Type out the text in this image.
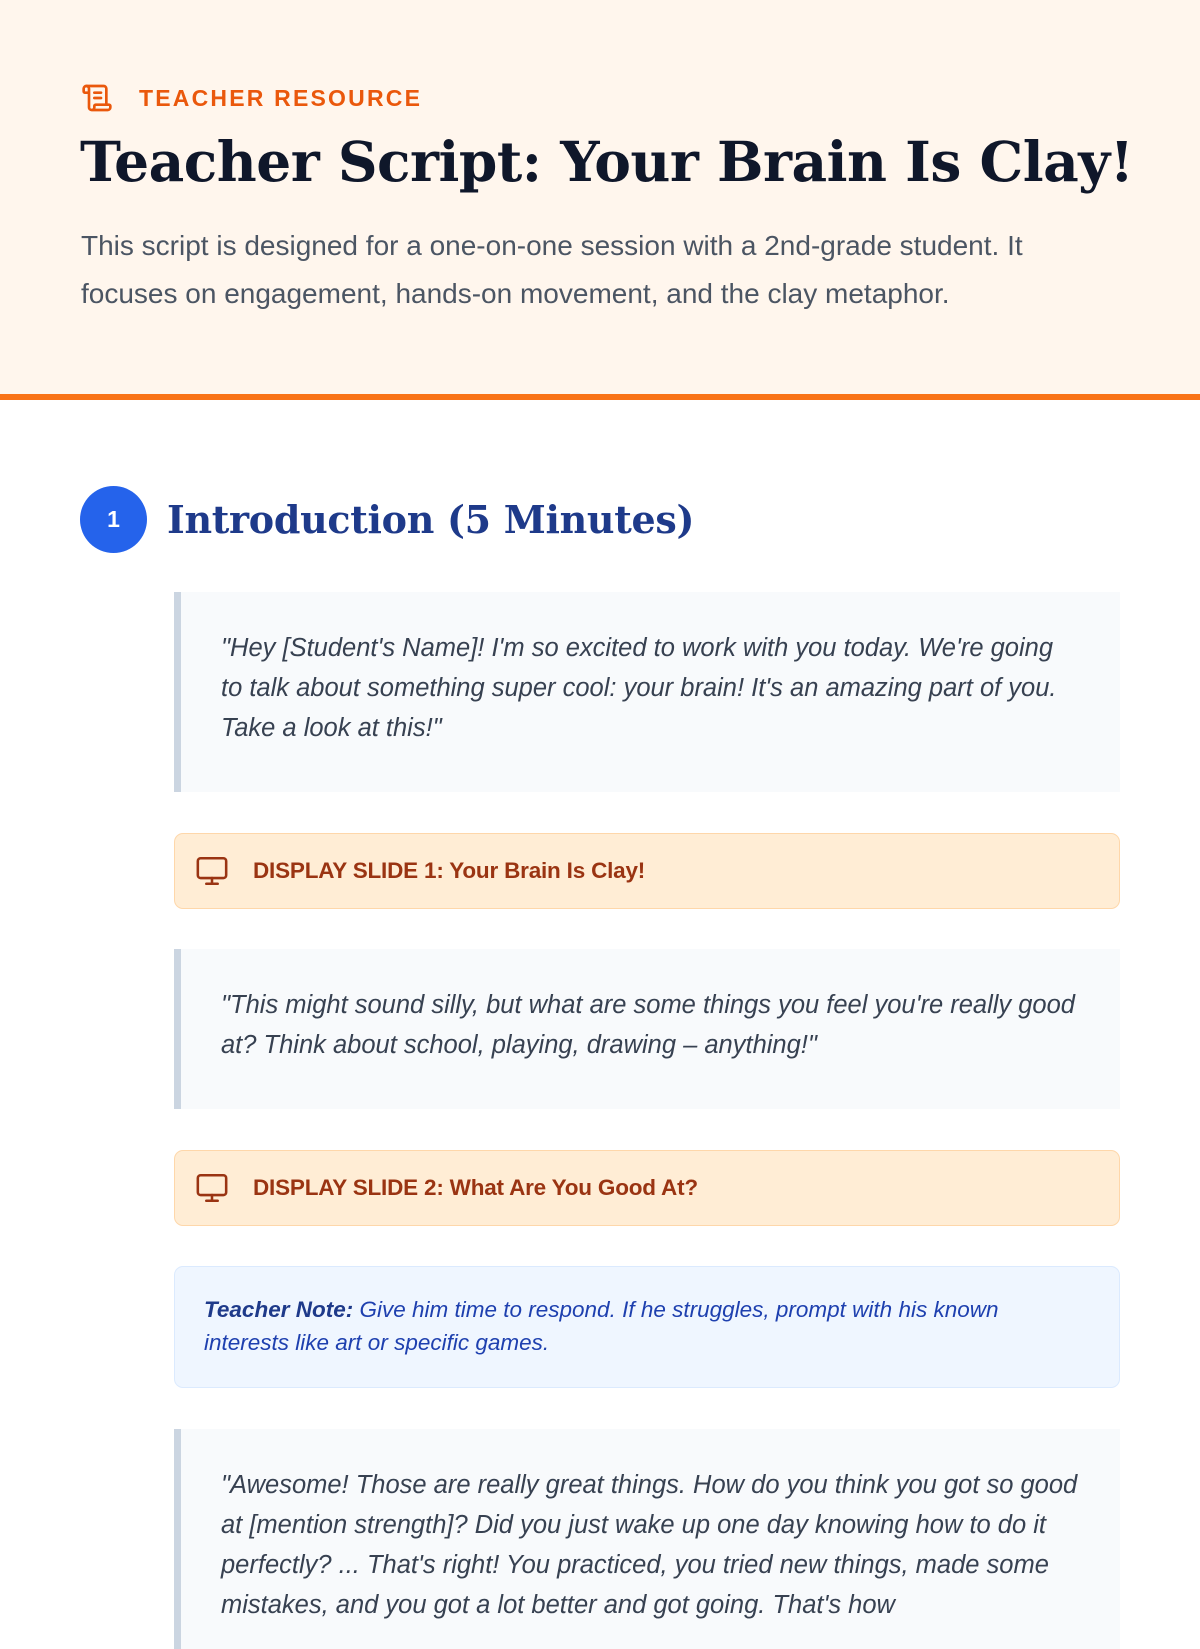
TEACHER RESOURCE
Teacher Script: Your Brain Is Clay!

This script is designed for a one-on-one session with a 2nd-grade student. It focuses on engagement, hands-on movement, and the clay metaphor.

1	Introduction (5 Minutes)

"Hey [Student's Name]! I'm so excited to work with you today. We're going to talk about something super cool: your brain! It's an amazing part of you. Take a look at this!"

DISPLAY SLIDE 1: Your Brain Is Clay!

"This might sound silly, but what are some things you feel you're really good at? Think about school, playing, drawing – anything!"

DISPLAY SLIDE 2: What Are You Good At?

Teacher Note: Give him time to respond. If he struggles, prompt with his known interests like art or specific games.

"Awesome! Those are really great things. How do you think you got so good at [mention strength]? Did you just wake up one day knowing how to do it perfectly? ... That's right! You practiced, you tried new things, made some mistakes, and you got a lot better and got going. That's how
